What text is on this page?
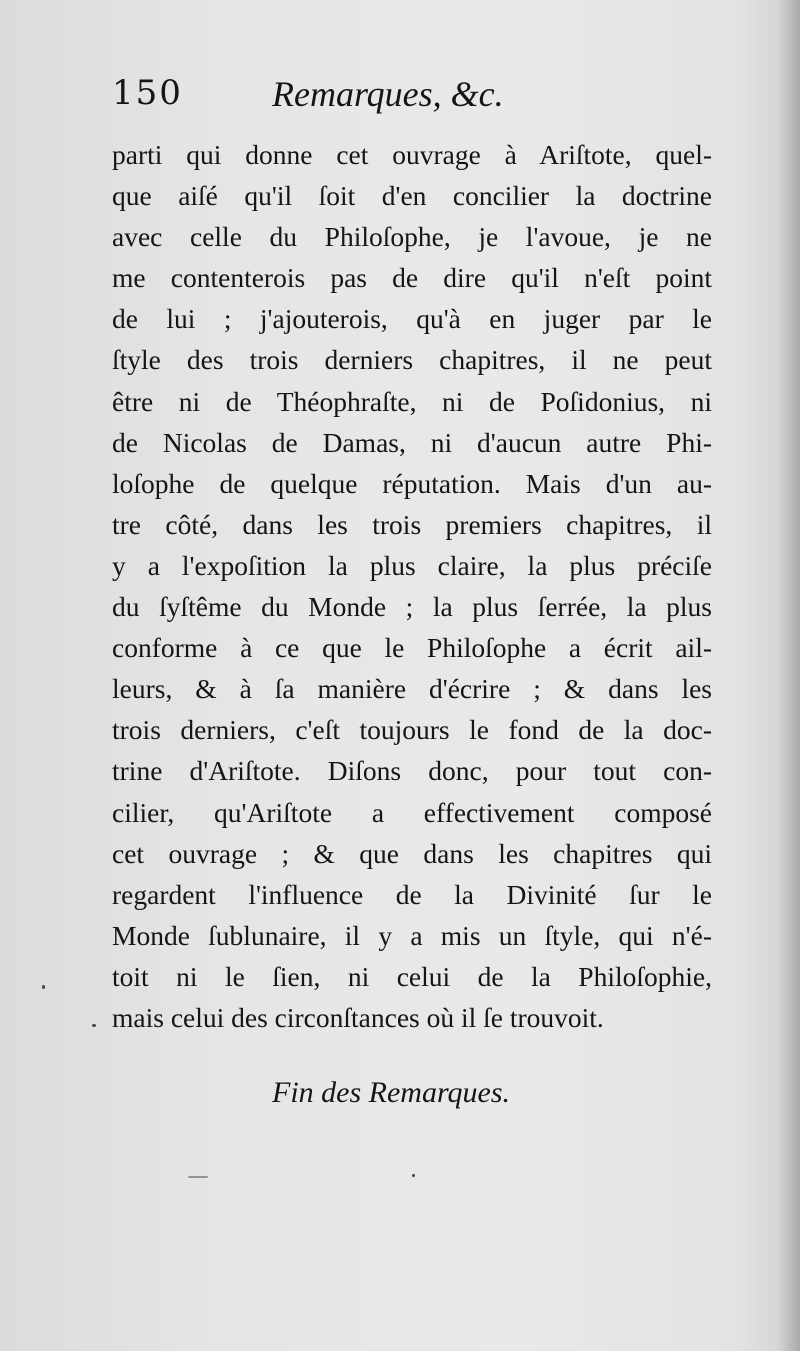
150 Remarques, &c.
parti qui donne cet ouvrage à Ariſtote, quel-
que aiſé qu'il ſoit d'en concilier la doctrine
avec celle du Philoſophe, je l'avoue, je ne
me contenterois pas de dire qu'il n'eſt point
de lui ; j'ajouterois, qu'à en juger par le
ſtyle des trois derniers chapitres, il ne peut
être ni de Théophraſte, ni de Poſidonius, ni
de Nicolas de Damas, ni d'aucun autre Phi-
loſophe de quelque réputation. Mais d'un au-
tre côté, dans les trois premiers chapitres, il
y a l'expoſition la plus claire, la plus préciſe
du ſyſtême du Monde ; la plus ſerrée, la plus
conforme à ce que le Philoſophe a écrit ail-
leurs, & à ſa manière d'écrire ; & dans les
trois derniers, c'eſt toujours le fond de la doc-
trine d'Ariſtote. Diſons donc, pour tout con-
cilier, qu'Ariſtote a effectivement composé
cet ouvrage ; & que dans les chapitres qui
regardent l'influence de la Divinité ſur le
Monde ſublunaire, il y a mis un ſtyle, qui n'é-
toit ni le ſien, ni celui de la Philoſophie,
mais celui des circonſtances où il ſe trouvoit.
Fin des Remarques.
